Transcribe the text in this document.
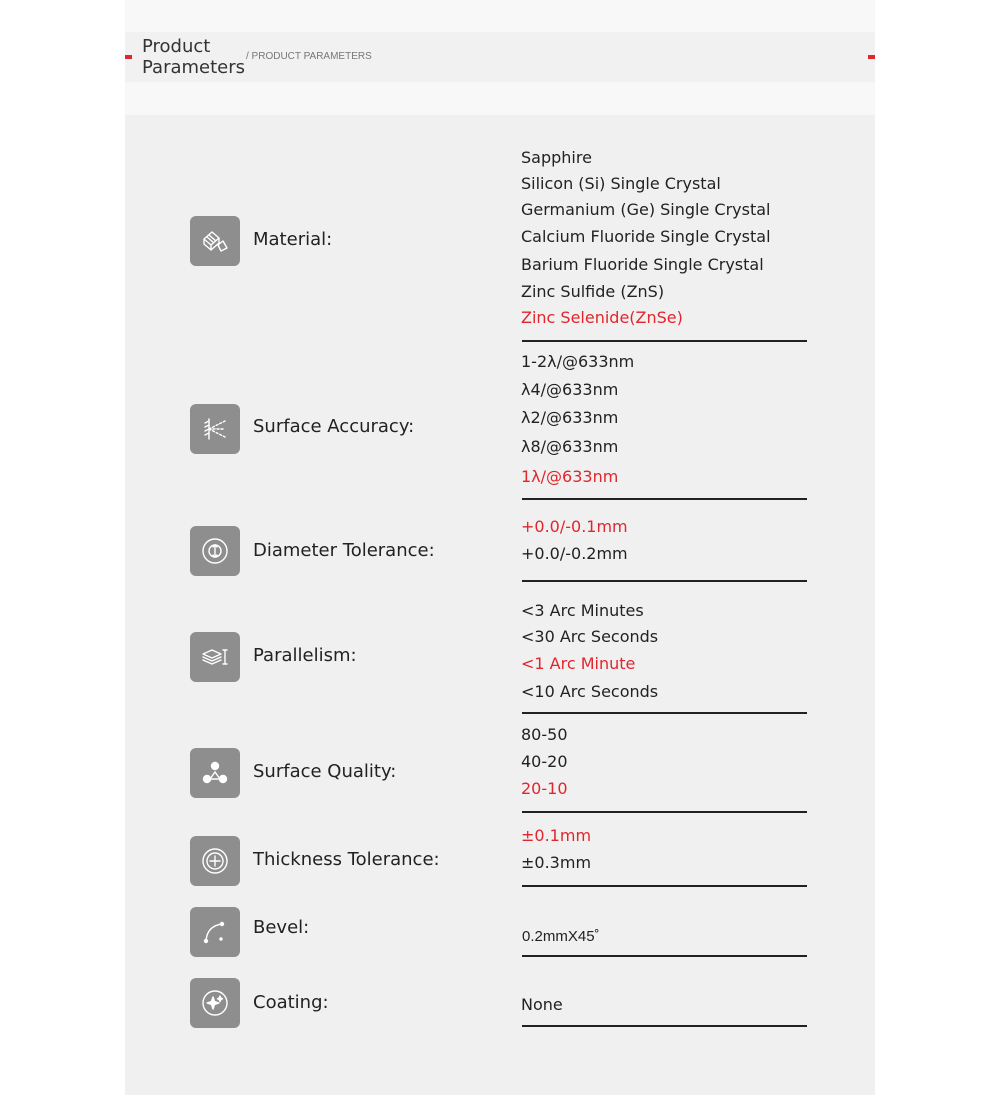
Product Parameters
/ PRODUCT PARAMETERS
Material:
Sapphire
Silicon (Si) Single Crystal
Germanium (Ge) Single Crystal
Calcium Fluoride Single Crystal
Barium Fluoride Single Crystal
Zinc Sulfide (ZnS)
Zinc Selenide(ZnSe)
Surface Accuracy:
1-2λ/@633nm
λ4/@633nm
λ2/@633nm
λ8/@633nm
1λ/@633nm
Diameter Tolerance:
+0.0/-0.1mm
+0.0/-0.2mm
Parallelism:
<3 Arc Minutes
<30 Arc Seconds
<1 Arc Minute
<10 Arc Seconds
Surface Quality:
80-50
40-20
20-10
Thickness Tolerance:
±0.1mm
±0.3mm
Bevel:	0.2mmX45˚
Coating:	None
